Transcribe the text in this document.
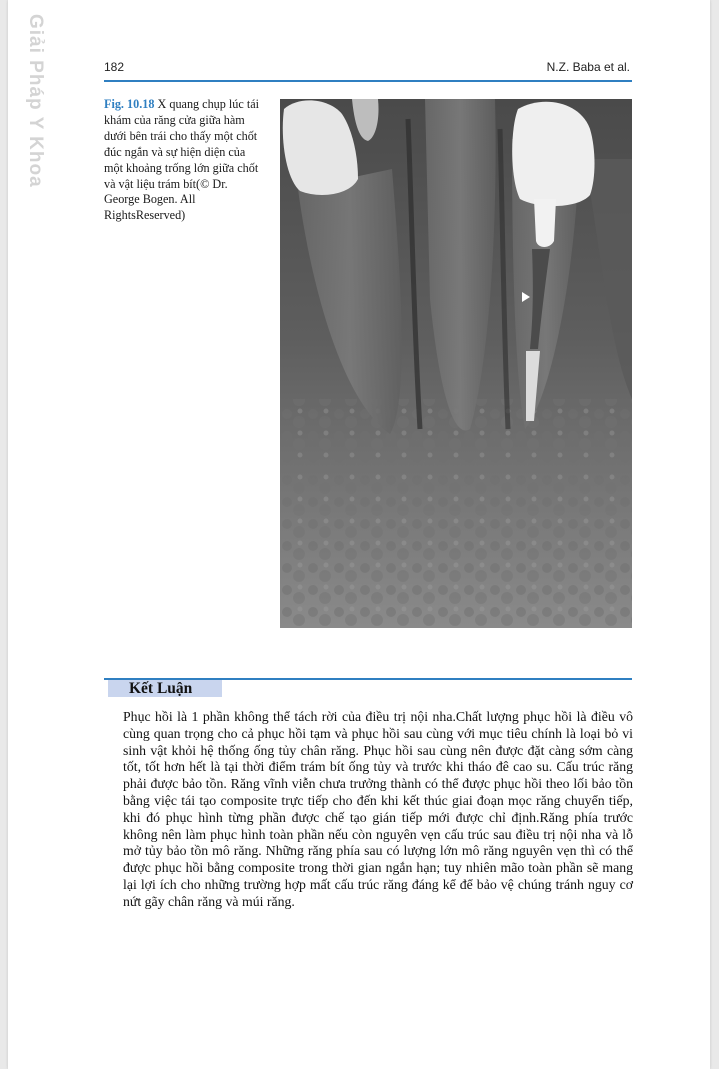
Giải Pháp Y Khoa	182	N.Z. Baba et al.
Fig. 10.18 X quang chụp lúc tái khám của răng cửa giữa hàm dưới bên trái cho thấy một chốt đúc ngắn và sự hiện diện của một khoảng trống lớn giữa chốt và vật liệu trám bít(© Dr. George Bogen. All RightsReserved)
Kết Luận

Phục hồi là 1 phần không thể tách rời của điều trị nội nha.Chất lượng phục hồi là điều vô cùng quan trọng cho cả phục hồi tạm và phục hồi sau cùng với mục tiêu chính là loại bỏ vi sinh vật khỏi hệ thống ống tủy chân răng. Phục hồi sau cùng nên được đặt càng sớm càng tốt, tốt hơn hết là tại thời điểm trám bít ống tủy và trước khi tháo đê cao su. Cấu trúc răng phải được bảo tồn. Răng vĩnh viễn chưa trưởng thành có thể được phục hồi theo lối bảo tồn bằng việc tái tạo composite trực tiếp cho đến khi kết thúc giai đoạn mọc răng chuyển tiếp, khi đó phục hình từng phần được chế tạo gián tiếp mới được chỉ định.Răng phía trước không nên làm phục hình toàn phần nếu còn nguyên vẹn cấu trúc sau điều trị nội nha và lỗ mở tủy bảo tồn mô răng. Những răng phía sau có lượng lớn mô răng nguyên vẹn thì có thể được phục hồi bằng composite trong thời gian ngắn hạn; tuy nhiên mão toàn phần sẽ mang lại lợi ích cho những trường hợp mất cấu trúc răng đáng kể để bảo vệ chúng tránh nguy cơ nứt gãy chân răng và múi răng.
